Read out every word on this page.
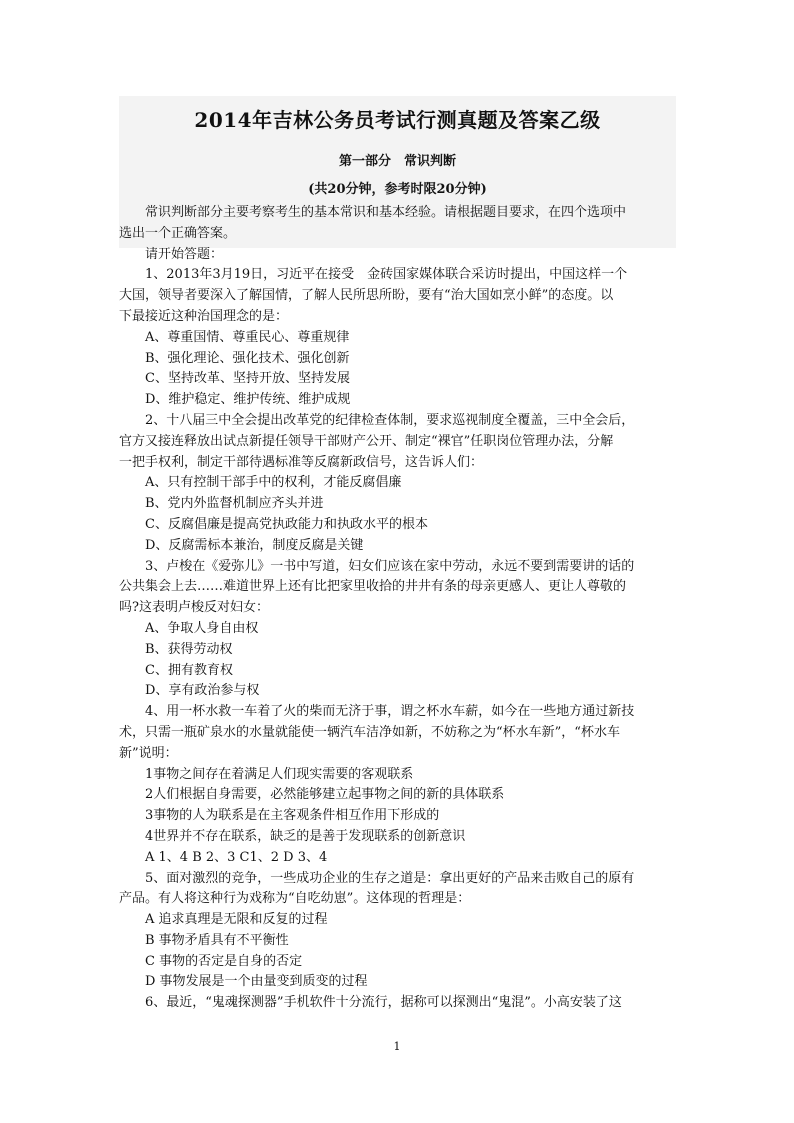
2014年吉林公务员考试行测真题及答案乙级
第一部分　常识判断
(共20分钟，参考时限20分钟)

常识判断部分主要考察考生的基本常识和基本经验。请根据题目要求，在四个选项中

选出一个正确答案。

请开始答题：

1、2013年3月19日，习近平在接受　金砖国家媒体联合采访时提出，中国这样一个

大国，领导者要深入了解国情，了解人民所思所盼，要有“治大国如烹小鲜”的态度。以

下最接近这种治国理念的是：

A、尊重国情、尊重民心、尊重规律

B、强化理论、强化技术、强化创新

C、坚持改革、坚持开放、坚持发展

D、维护稳定、维护传统、维护成规

2、十八届三中全会提出改革党的纪律检查体制，要求巡视制度全覆盖，三中全会后，

官方又接连释放出试点新提任领导干部财产公开、制定“裸官”任职岗位管理办法，分解

一把手权利，制定干部待遇标准等反腐新政信号，这告诉人们：

A、只有控制干部手中的权利，才能反腐倡廉

B、党内外监督机制应齐头并进

C、反腐倡廉是提高党执政能力和执政水平的根本

D、反腐需标本兼治，制度反腐是关键

3、卢梭在《爱弥儿》一书中写道，妇女们应该在家中劳动，永远不要到需要讲的话的

公共集会上去……难道世界上还有比把家里收拾的井井有条的母亲更感人、更让人尊敬的

吗?这表明卢梭反对妇女：

A、争取人身自由权

B、获得劳动权

C、拥有教育权

D、享有政治参与权

4、用一杯水救一车着了火的柴而无济于事，谓之杯水车薪，如今在一些地方通过新技

术，只需一瓶矿泉水的水量就能使一辆汽车洁净如新，不妨称之为“杯水车新”，“杯水车

新”说明：

1事物之间存在着满足人们现实需要的客观联系

2人们根据自身需要，必然能够建立起事物之间的新的具体联系

3事物的人为联系是在主客观条件相互作用下形成的

4世界并不存在联系，缺乏的是善于发现联系的创新意识

A 1、4 B 2、3 C1、2 D 3、4

5、面对激烈的竞争，一些成功企业的生存之道是：拿出更好的产品来击败自己的原有

产品。有人将这种行为戏称为“自吃幼崽”。这体现的哲理是：

A 追求真理是无限和反复的过程

B 事物矛盾具有不平衡性

C 事物的否定是自身的否定

D 事物发展是一个由量变到质变的过程

6、最近，“鬼魂探测器”手机软件十分流行，据称可以探测出“鬼混”。小高安装了这

1
